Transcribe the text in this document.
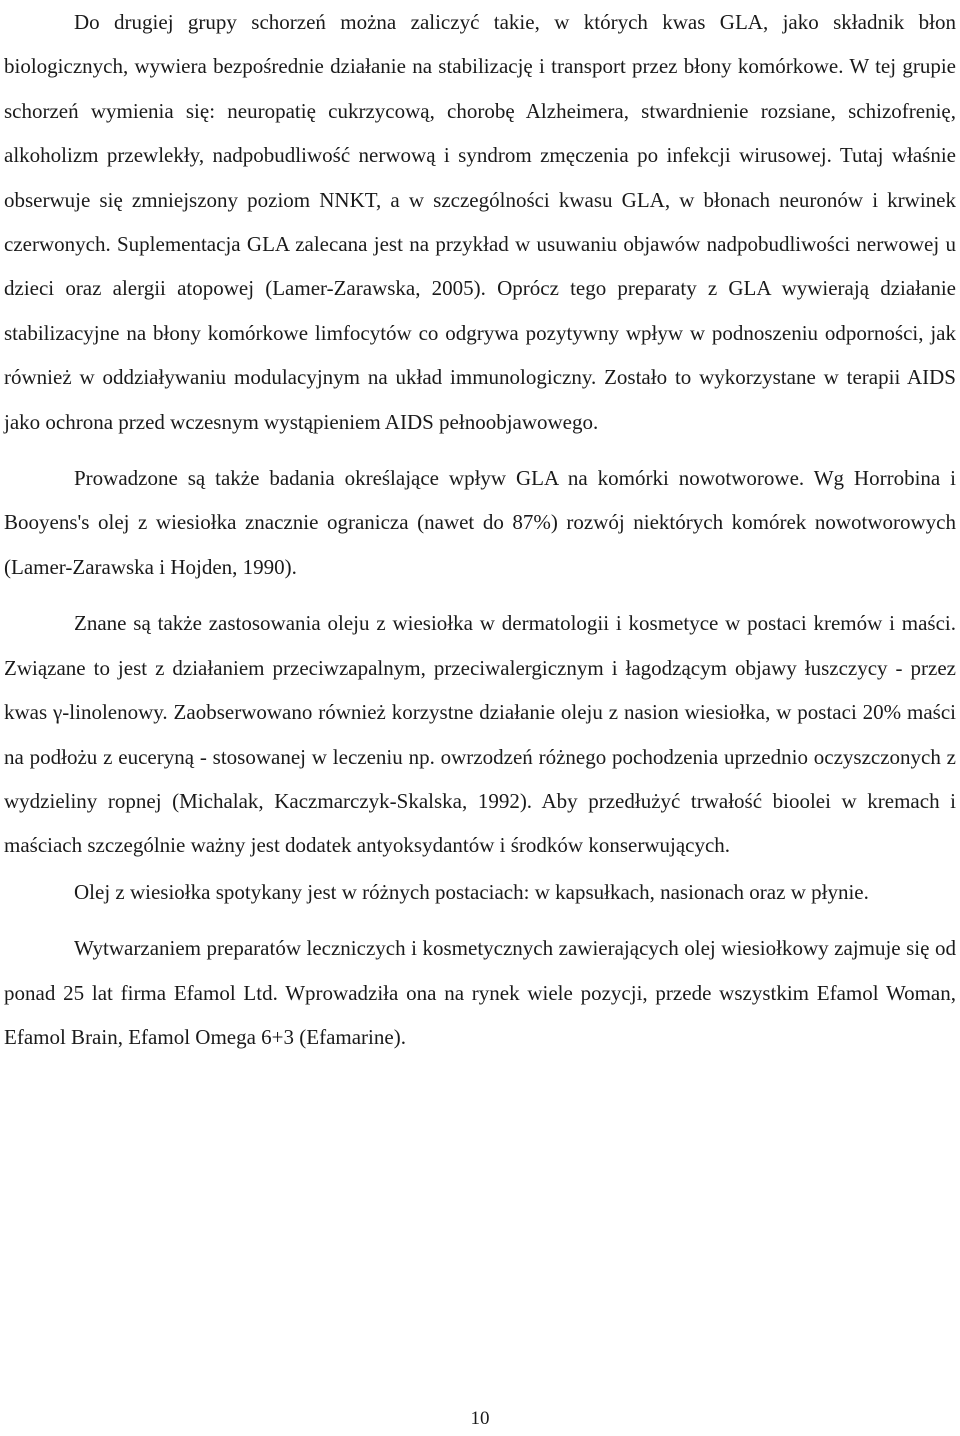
Do drugiej grupy schorzeń można zaliczyć takie, w których kwas GLA, jako składnik błon biologicznych, wywiera bezpośrednie działanie na stabilizację i transport przez błony komórkowe. W tej grupie schorzeń wymienia się: neuropatię cukrzycową, chorobę Alzheimera, stwardnienie rozsiane, schizofrenię, alkoholizm przewlekły, nadpobudliwość nerwową i syndrom zmęczenia po infekcji wirusowej. Tutaj właśnie obserwuje się zmniejszony poziom NNKT, a w szczególności kwasu GLA, w błonach neuronów i krwinek czerwonych. Suplementacja GLA zalecana jest na przykład w usuwaniu objawów nadpobudliwości nerwowej u dzieci oraz alergii atopowej (Lamer-Zarawska, 2005). Oprócz tego preparaty z GLA wywierają działanie stabilizacyjne na błony komórkowe limfocytów co odgrywa pozytywny wpływ w podnoszeniu odporności, jak również w oddziaływaniu modulacyjnym na układ immunologiczny. Zostało to wykorzystane w terapii AIDS jako ochrona przed wczesnym wystąpieniem AIDS pełnoobjawowego.

Prowadzone są także badania określające wpływ GLA na komórki nowotworowe. Wg Horrobina i Booyens's olej z wiesiołka znacznie ogranicza (nawet do 87%) rozwój niektórych komórek nowotworowych (Lamer-Zarawska i Hojden, 1990).

Znane są także zastosowania oleju z wiesiołka w dermatologii i kosmetyce w postaci kremów i maści. Związane to jest z działaniem przeciwzapalnym, przeciwalergicznym i łagodzącym objawy łuszczycy - przez kwas γ-linolenowy. Zaobserwowano również korzystne działanie oleju z nasion wiesiołka, w postaci 20% maści na podłożu z euceryną - stosowanej w leczeniu np. owrzodzeń różnego pochodzenia uprzednio oczyszczonych z wydzieliny ropnej (Michalak, Kaczmarczyk-Skalska, 1992). Aby przedłużyć trwałość bioolei w kremach i maściach szczególnie ważny jest dodatek antyoksydantów i środków konserwujących.

Olej z wiesiołka spotykany jest w różnych postaciach: w kapsułkach, nasionach oraz w płynie.

Wytwarzaniem preparatów leczniczych i kosmetycznych zawierających olej wiesiołkowy zajmuje się od ponad 25 lat firma Efamol Ltd. Wprowadziła ona na rynek wiele pozycji, przede wszystkim Efamol Woman, Efamol Brain, Efamol Omega 6+3 (Efamarine).

10
